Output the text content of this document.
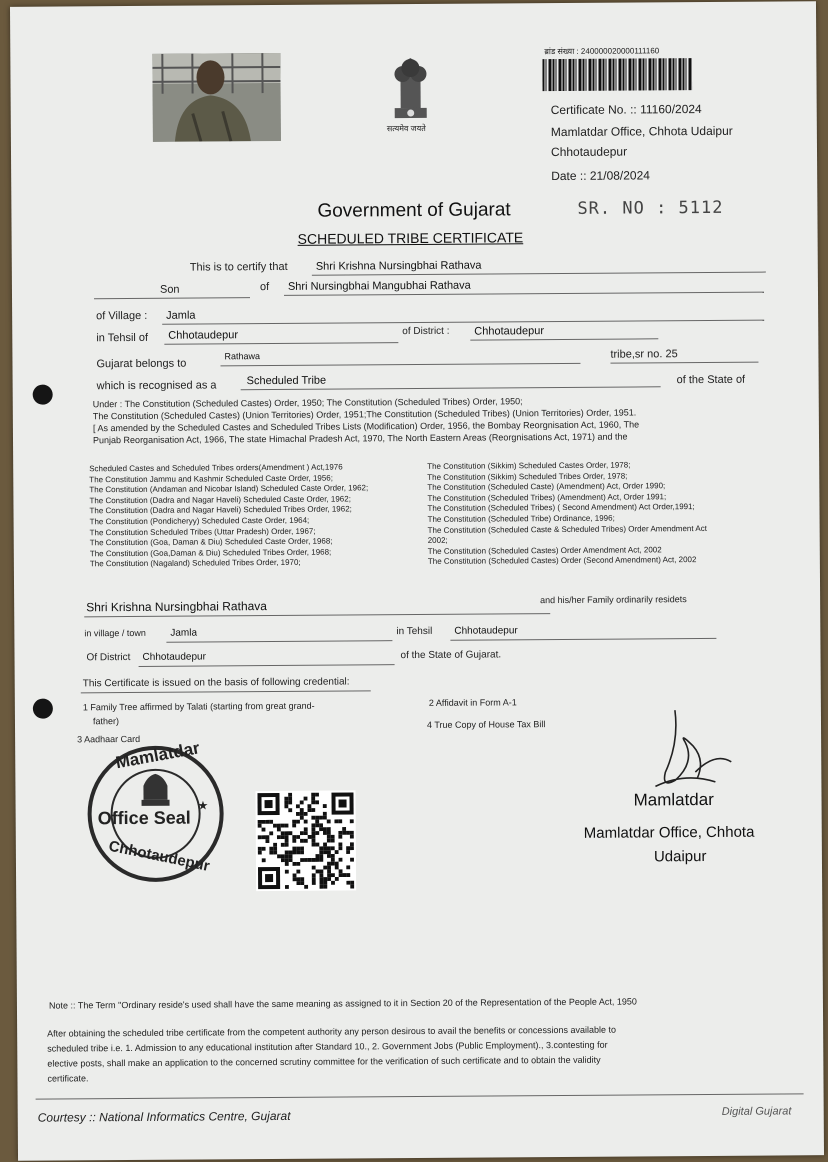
सत्यमेव जयते
ब्रांड संख्या : 240000020000111160
Certificate No. :: 11160/2024
Mamlatdar Office, Chhota Udaipur
Chhotaudepur
Date :: 21/08/2024
Government of Gujarat	SR. NO : 5112
SCHEDULED TRIBE CERTIFICATE
This is to certify that	Shri Krishna Nursingbhai Rathava
Son	of Shri Nursingbhai Mangubhai Rathava
of Village : Jamla
in Tehsil of Chhotaudepur	of District : Chhotaudepur
Gujarat belongs to
Rathawa	tribe,sr no. 25
which is recognised as a	Scheduled Tribe	of the State of
Under : The Constitution (Scheduled Castes) Order, 1950; The Constitution (Scheduled Tribes) Order, 1950;
The Constitution (Scheduled Castes) (Union Territories) Order, 1951;The Constitution (Scheduled Tribes) (Union Territories) Order, 1951.
[ As amended by the Scheduled Castes and Scheduled Tribes Lists (Modification) Order, 1956, the Bombay Reorgnisation Act, 1960, The
Punjab Reorganisation Act, 1966, The state Himachal Pradesh Act, 1970, The North Eastern Areas (Reorgnisations Act, 1971) and the
Scheduled Castes and Scheduled Tribes orders(Amendment ) Act,1976
The Constitution Jammu and Kashmir Scheduled Caste Order, 1956;
The Constitution (Andaman and Nicobar Island) Scheduled Caste Order, 1962;
The Constitution (Dadra and Nagar Haveli) Scheduled Caste Order, 1962;
The Constitution (Dadra and Nagar Haveli) Scheduled Tribes Order, 1962;
The Constitution (Pondicheryy) Scheduled Caste Order, 1964;
The Constitution Scheduled Tribes (Uttar Pradesh) Order, 1967;
The Constitution (Goa, Daman & Diu) Scheduled Caste Order, 1968;
The Constitution (Goa,Daman & Diu) Scheduled Tribes Order, 1968;
The Constitution (Nagaland) Scheduled Tribes Order, 1970;
The Constitution (Sikkim) Scheduled Castes Order, 1978;
The Constitution (Sikkim) Scheduled Tribes Order, 1978;
The Constitution (Scheduled Caste) (Amendment) Act, Order 1990;
The Constitution (Scheduled Tribes) (Amendment) Act, Order 1991;
The Constitution (Scheduled Tribes) ( Second Amendment) Act Order,1991;
The Constitution (Scheduled Tribe) Ordinance, 1996;
The Constitution (Scheduled Caste & Scheduled Tribes) Order Amendment Act
2002;
The Constitution (Scheduled Castes) Order Amendment Act, 2002
The Constitution (Scheduled Castes) Order (Second Amendment) Act, 2002
Shri Krishna Nursingbhai Rathava	and his/her Family ordinarily residets
in village / town Jamla	in Tehsil Chhotaudepur
Of District Chhotaudepur	of the State of Gujarat.
This Certificate is issued on the basis of following credential:
1 Family Tree affirmed by Talati (starting from great grand-
father)
2 Affidavit in Form A-1
3 Aadhaar Card
4 True Copy of House Tax Bill
★
Mamlatdar
Office Seal
Chhotaudepur
Mamlatdar
Mamlatdar Office, Chhota
Udaipur
Note :: The Term "Ordinary reside's used shall have the same meaning as assigned to it in Section 20 of the Representation of the People Act, 1950
After obtaining the scheduled tribe certificate from the competent authority any person desirous to avail the benefits or concessions available to
scheduled tribe i.e. 1. Admission to any educational institution after Standard 10., 2. Government Jobs (Public Employment)., 3.contesting for
elective posts, shall make an application to the concerned scrutiny committee for the verification of such certificate and to obtain the validity
certificate.
Courtesy :: National Informatics Centre, Gujarat	Digital Gujarat
